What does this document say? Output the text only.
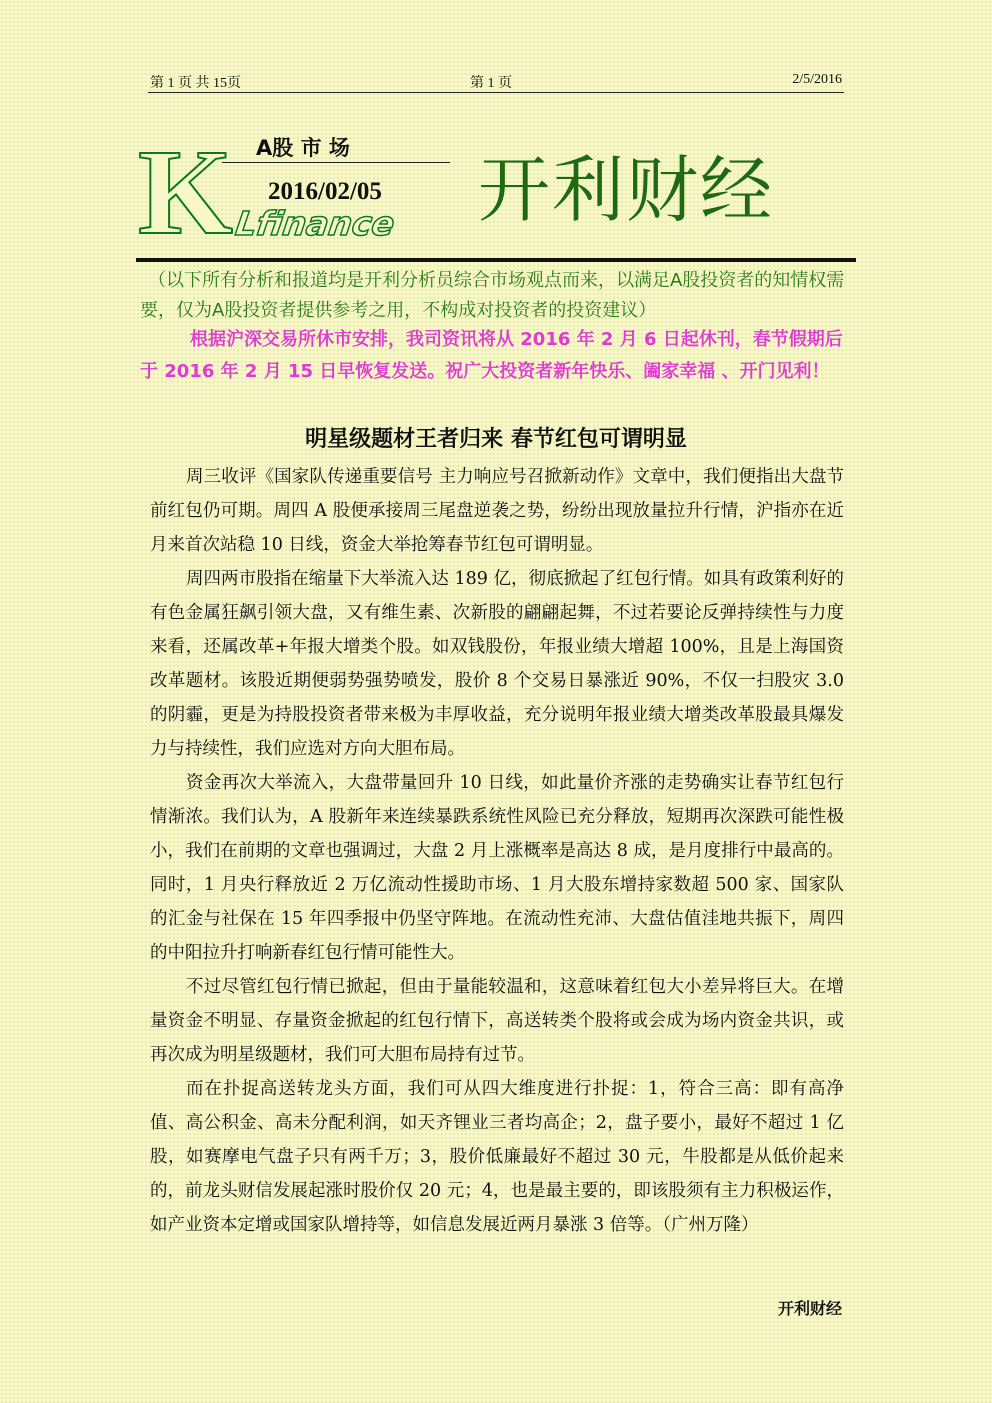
第 1 页 共 15页	第 1 页	2/5/2016
K A股 市 场
2016/02/05
Lfinance 开利财经

（以下所有分析和报道均是开利分析员综合市场观点而来，以满足A股投资者的知情权需要，仅为A股投资者提供参考之用，不构成对投资者的投资建议）

根据沪深交易所休市安排，我司资讯将从 2016 年 2 月 6 日起休刊，春节假期后于 2016 年 2 月 15 日早恢复发送。祝广大投资者新年快乐、阖家幸福 、开门见利！

明星级题材王者归来 春节红包可谓明显

周三收评《国家队传递重要信号 主力响应号召掀新动作》文章中，我们便指出大盘节前红包仍可期。周四 A 股便承接周三尾盘逆袭之势，纷纷出现放量拉升行情，沪指亦在近月来首次站稳 10 日线，资金大举抢筹春节红包可谓明显。

周四两市股指在缩量下大举流入达 189 亿，彻底掀起了红包行情。如具有政策利好的有色金属狂飙引领大盘，又有维生素、次新股的翩翩起舞，不过若要论反弹持续性与力度来看，还属改革+年报大增类个股。如双钱股份，年报业绩大增超 100%，且是上海国资改革题材。该股近期便弱势强势喷发，股价 8 个交易日暴涨近 90%，不仅一扫股灾 3.0 的阴霾，更是为持股投资者带来极为丰厚收益，充分说明年报业绩大增类改革股最具爆发力与持续性，我们应选对方向大胆布局。

资金再次大举流入，大盘带量回升 10 日线，如此量价齐涨的走势确实让春节红包行情渐浓。我们认为，A 股新年来连续暴跌系统性风险已充分释放，短期再次深跌可能性极小，我们在前期的文章也强调过，大盘 2 月上涨概率是高达 8 成，是月度排行中最高的。同时，1 月央行释放近 2 万亿流动性援助市场、1 月大股东增持家数超 500 家、国家队的汇金与社保在 15 年四季报中仍坚守阵地。在流动性充沛、大盘估值洼地共振下，周四的中阳拉升打响新春红包行情可能性大。

不过尽管红包行情已掀起，但由于量能较温和，这意味着红包大小差异将巨大。在增量资金不明显、存量资金掀起的红包行情下，高送转类个股将或会成为场内资金共识，或再次成为明星级题材，我们可大胆布局持有过节。

而在扑捉高送转龙头方面，我们可从四大维度进行扑捉：1，符合三高：即有高净值、高公积金、高未分配利润，如天齐锂业三者均高企；2，盘子要小，最好不超过 1 亿股，如赛摩电气盘子只有两千万；3，股价低廉最好不超过 30 元，牛股都是从低价起来的，前龙头财信发展起涨时股价仅 20 元；4，也是最主要的，即该股须有主力积极运作，如产业资本定增或国家队增持等，如信息发展近两月暴涨 3 倍等。（广州万隆）

开利财经
